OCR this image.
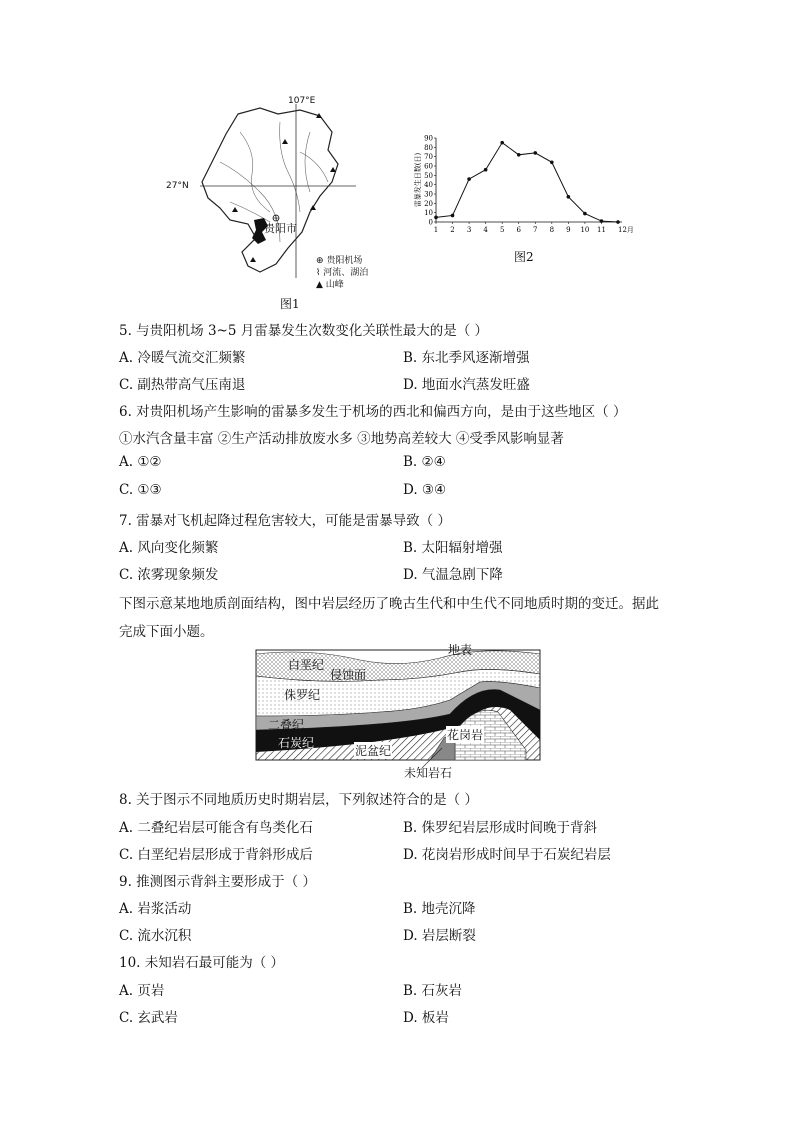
107°E
27°N
贵阳市
⊕ 贵阳机场
⌇ 河流、湖泊
▲ 山峰
图1
0
10
20
30
40
50
60
70
80
90
1 2 3 4 5 6 7 8 9 10 11 12月
雷暴发生日数(日)
图2
5. 与贵阳机场 3~5 月雷暴发生次数变化关联性最大的是（ ）
A. 冷暖气流交汇频繁	B. 东北季风逐渐增强
C. 副热带高气压南退	D. 地面水汽蒸发旺盛
6. 对贵阳机场产生影响的雷暴多发生于机场的西北和偏西方向，是由于这些地区（ ）
①水汽含量丰富 ②生产活动排放废水多 ③地势高差较大 ④受季风影响显著
A. ①②	B. ②④
C. ①③	D. ③④
7. 雷暴对飞机起降过程危害较大，可能是雷暴导致（ ）
A. 风向变化频繁	B. 太阳辐射增强
C. 浓雾现象频发	D. 气温急剧下降
下图示意某地地质剖面结构，图中岩层经历了晚古生代和中生代不同地质时期的变迁。据此
完成下面小题。
地表
白垩纪
侵蚀面
侏罗纪
二叠纪
石炭纪
泥盆纪
花岗岩
未知岩石
8. 关于图示不同地质历史时期岩层，下列叙述符合的是（ ）
A. 二叠纪岩层可能含有鸟类化石	B. 侏罗纪岩层形成时间晚于背斜
C. 白垩纪岩层形成于背斜形成后	D. 花岗岩形成时间早于石炭纪岩层
9. 推测图示背斜主要形成于（ ）
A. 岩浆活动	B. 地壳沉降
C. 流水沉积	D. 岩层断裂
10. 未知岩石最可能为（ ）
A. 页岩	B. 石灰岩
C. 玄武岩	D. 板岩
